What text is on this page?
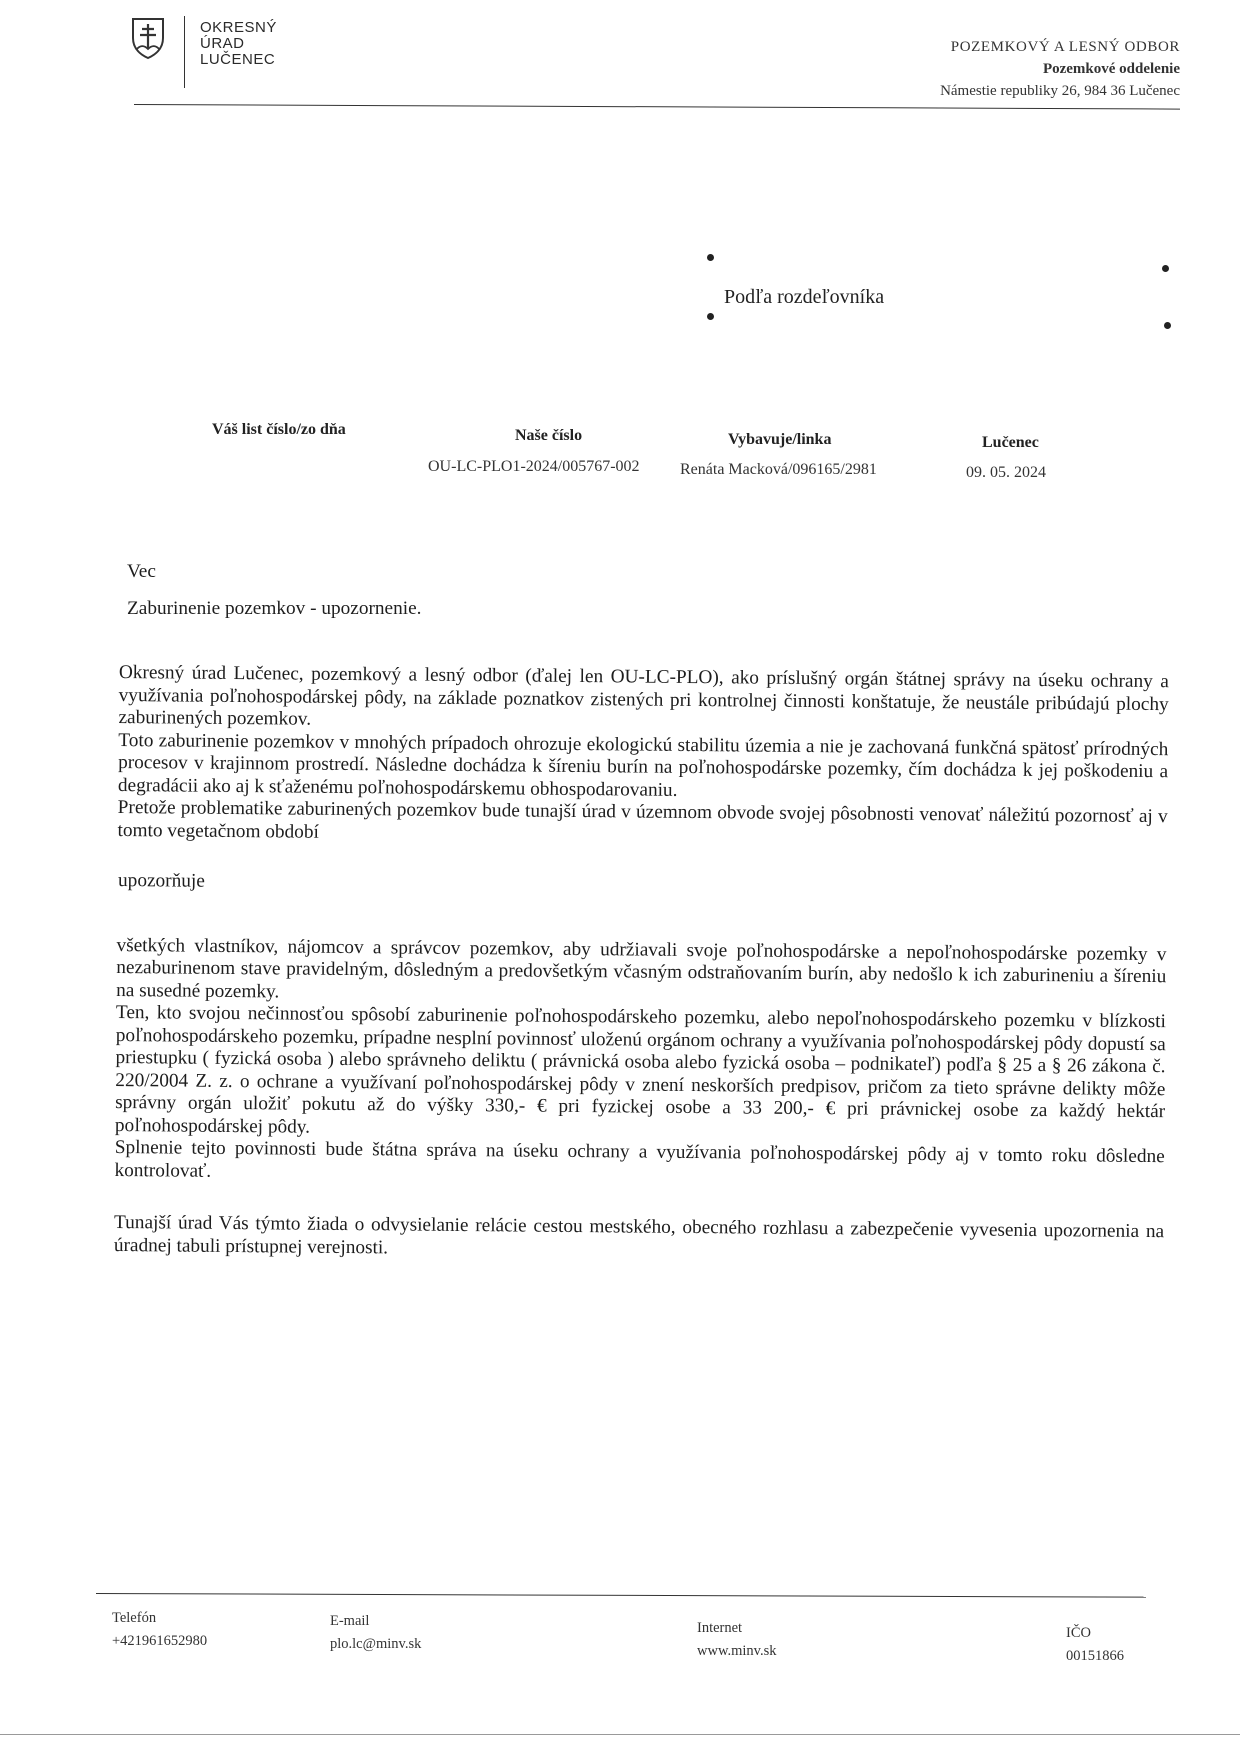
OKRESNÝ
ÚRAD
LUČENEC
POZEMKOVÝ A LESNÝ ODBOR
Pozemkové oddelenie
Námestie republiky 26, 984 36 Lučenec
Podľa rozdeľovníka
Váš list číslo/zo dňa	Naše číslo
OU-LC-PLO1-2024/005767-002
Vybavuje/linka
Renáta Macková/096165/2981
Lučenec
09. 05. 2024
Vec
Zaburinenie pozemkov - upozornenie.

Okresný úrad Lučenec, pozemkový a lesný odbor (ďalej len OU-LC-PLO), ako príslušný orgán štátnej správy na úseku ochrany a využívania poľnohospodárskej pôdy, na základe poznatkov zistených pri kontrolnej činnosti konštatuje, že neustále pribúdajú plochy zaburinených pozemkov.

Toto zaburinenie pozemkov v mnohých prípadoch ohrozuje ekologickú stabilitu územia a nie je zachovaná funkčná spätosť prírodných procesov v krajinnom prostredí. Následne dochádza k šíreniu burín na poľnohospodárske pozemky, čím dochádza k jej poškodeniu a degradácii ako aj k sťaženému poľnohospodárskemu obhospodarovaniu.

Pretože problematike zaburinených pozemkov bude tunajší úrad v územnom obvode svojej pôsobnosti venovať náležitú pozornosť aj v tomto vegetačnom období

upozorňuje

všetkých vlastníkov, nájomcov a správcov pozemkov, aby udržiavali svoje poľnohospodárske a nepoľnohospodárske pozemky v nezaburinenom stave pravidelným, dôsledným a predovšetkým včasným odstraňovaním burín, aby nedošlo k ich zaburineniu a šíreniu na susedné pozemky.

Ten, kto svojou nečinnosťou spôsobí zaburinenie poľnohospodárskeho pozemku, alebo nepoľnohospodárskeho pozemku v blízkosti poľnohospodárskeho pozemku, prípadne nesplní povinnosť uloženú orgánom ochrany a využívania poľnohospodárskej pôdy dopustí sa priestupku ( fyzická osoba ) alebo správneho deliktu ( právnická osoba alebo fyzická osoba – podnikateľ) podľa § 25 a § 26 zákona č. 220/2004 Z. z. o ochrane a využívaní poľnohospodárskej pôdy v znení neskorších predpisov, pričom za tieto správne delikty môže správny orgán uložiť pokutu až do výšky 330,- € pri fyzickej osobe a 33 200,- € pri právnickej osobe za každý hektár poľnohospodárskej pôdy.

Splnenie tejto povinnosti bude štátna správa na úseku ochrany a využívania poľnohospodárskej pôdy aj v tomto roku dôsledne kontrolovať.

Tunajší úrad Vás týmto žiada o odvysielanie relácie cestou mestského, obecného rozhlasu a zabezpečenie vyvesenia upozornenia na úradnej tabuli prístupnej verejnosti.

Telefón
+421961652980
E-mail
plo.lc@minv.sk
Internet
www.minv.sk
IČO
00151866
